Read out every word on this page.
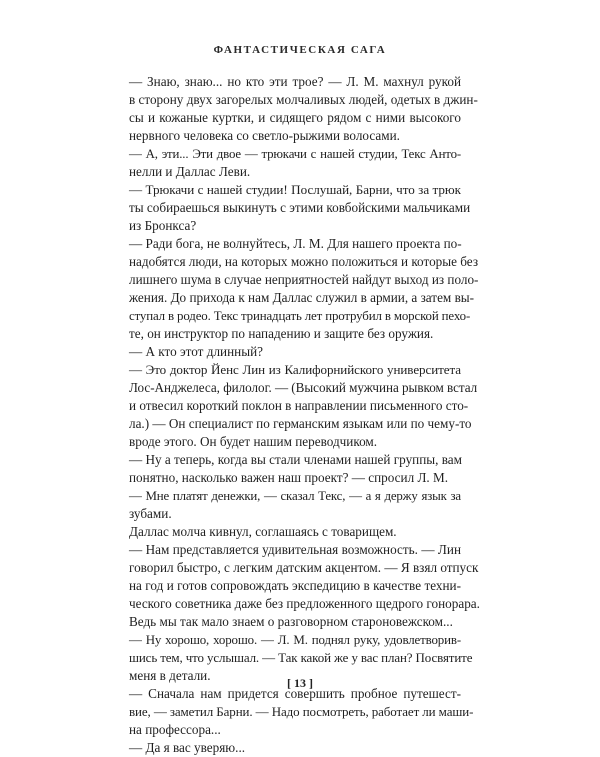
ФАНТАСТИЧЕСКАЯ САГА

— Знаю, знаю... но кто эти трое? — Л. М. махнул рукой
в сторону двух загорелых молчаливых людей, одетых в джин-
сы и кожаные куртки, и сидящего рядом с ними высокого
нервного человека со светло-рыжими волосами.

— А, эти... Эти двое — трюкачи с нашей студии, Текс Анто-
нелли и Даллас Леви.

— Трюкачи с нашей студии! Послушай, Барни, что за трюк
ты собираешься выкинуть с этими ковбойскими мальчиками
из Бронкса?

— Ради бога, не волнуйтесь, Л. М. Для нашего проекта по-
надобятся люди, на которых можно положиться и которые без
лишнего шума в случае неприятностей найдут выход из поло-
жения. До прихода к нам Даллас служил в армии, а затем вы-
ступал в родео. Текс тринадцать лет протрубил в морской пехо-
те, он инструктор по нападению и защите без оружия.

— А кто этот длинный?

— Это доктор Йенс Лин из Калифорнийского университета
Лос-Анджелеса, филолог. — (Высокий мужчина рывком встал
и отвесил короткий поклон в направлении письменного сто-
ла.) — Он специалист по германским языкам или по чему-то
вроде этого. Он будет нашим переводчиком.

— Ну а теперь, когда вы стали членами нашей группы, вам
понятно, насколько важен наш проект? — спросил Л. М.

— Мне платят денежки, — сказал Текс, — а я держу язык за
зубами.

Даллас молча кивнул, соглашаясь с товарищем.

— Нам представляется удивительная возможность. — Лин
говорил быстро, с легким датским акцентом. — Я взял отпуск
на год и готов сопровождать экспедицию в качестве техни-
ческого советника даже без предложенного щедрого гонорара.
Ведь мы так мало знаем о разговорном староновежском...

— Ну хорошо, хорошо. — Л. М. поднял руку, удовлетворив-
шись тем, что услышал. — Так какой же у вас план? Посвятите
меня в детали.

— Сначала нам придется совершить пробное путешест-
вие, — заметил Барни. — Надо посмотреть, работает ли маши-
на профессора...

— Да я вас уверяю...

[ 13 ]
